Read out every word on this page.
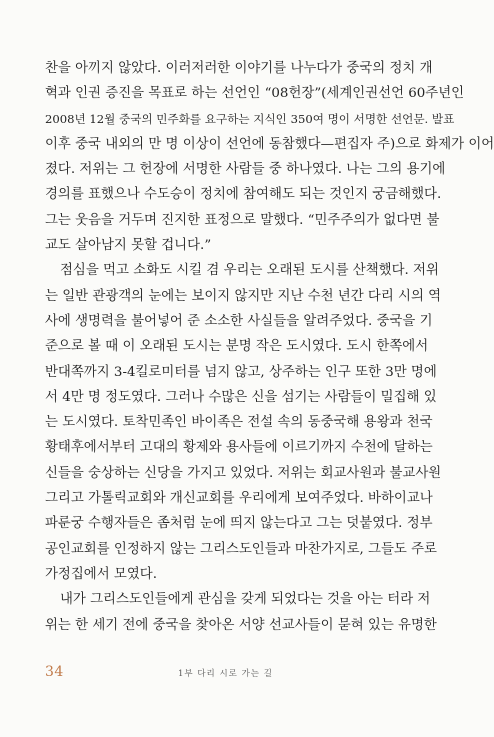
찬을 아끼지 않았다. 이러저러한 이야기를 나누다가 중국의 정치 개
혁과 인권 증진을 목표로 하는 선언인 “08헌장”(세계인권선언 60주년인
2008년 12월 중국의 민주화를 요구하는 지식인 350여 명이 서명한 선언문. 발표
이후 중국 내외의 만 명 이상이 선언에 동참했다—편집자 주)으로 화제가 이어
졌다. 저위는 그 헌장에 서명한 사람들 중 하나였다. 나는 그의 용기에
경의를 표했으나 수도승이 정치에 참여해도 되는 것인지 궁금해했다.
그는 웃음을 거두며 진지한 표정으로 말했다. “민주주의가 없다면 불
교도 살아남지 못할 겁니다.”
점심을 먹고 소화도 시킬 겸 우리는 오래된 도시를 산책했다. 저위
는 일반 관광객의 눈에는 보이지 않지만 지난 수천 년간 다리 시의 역
사에 생명력을 불어넣어 준 소소한 사실들을 알려주었다. 중국을 기
준으로 볼 때 이 오래된 도시는 분명 작은 도시였다. 도시 한쪽에서
반대쪽까지 3-4킬로미터를 넘지 않고, 상주하는 인구 또한 3만 명에
서 4만 명 정도였다. 그러나 수많은 신을 섬기는 사람들이 밀집해 있
는 도시였다. 토착민족인 바이족은 전설 속의 동중국해 용왕과 천국
황태후에서부터 고대의 황제와 용사들에 이르기까지 수천에 달하는
신들을 숭상하는 신당을 가지고 있었다. 저위는 회교사원과 불교사원
그리고 가톨릭교회와 개신교회를 우리에게 보여주었다. 바하이교나
파룬궁 수행자들은 좀처럼 눈에 띄지 않는다고 그는 덧붙였다. 정부
공인교회를 인정하지 않는 그리스도인들과 마찬가지로, 그들도 주로
가정집에서 모였다.
내가 그리스도인들에게 관심을 갖게 되었다는 것을 아는 터라 저
위는 한 세기 전에 중국을 찾아온 서양 선교사들이 묻혀 있는 유명한
34	1부 다리 시로 가는 길
